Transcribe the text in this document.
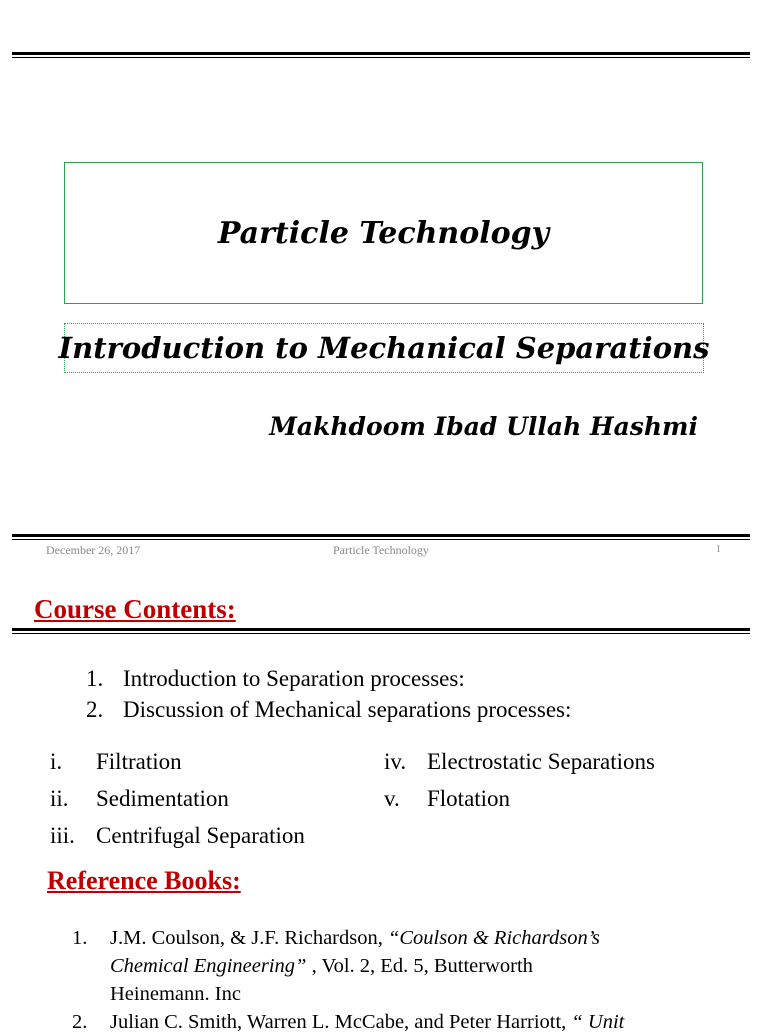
Particle Technology
Introduction to Mechanical Separations
Makhdoom Ibad Ullah Hashmi
December 26, 2017	Particle Technology	1
Course Contents:
1. Introduction to Separation processes:
2. Discussion of Mechanical separations processes:
i. Filtration
ii. Sedimentation
iii. Centrifugal Separation
iv. Electrostatic Separations
v. Flotation
Reference Books:
1. J.M. Coulson, & J.F. Richardson, “Coulson & Richardson’s
Chemical Engineering” , Vol. 2, Ed. 5, Butterworth
Heinemann. Inc
2. Julian C. Smith, Warren L. McCabe, and Peter Harriott, “ Unit
